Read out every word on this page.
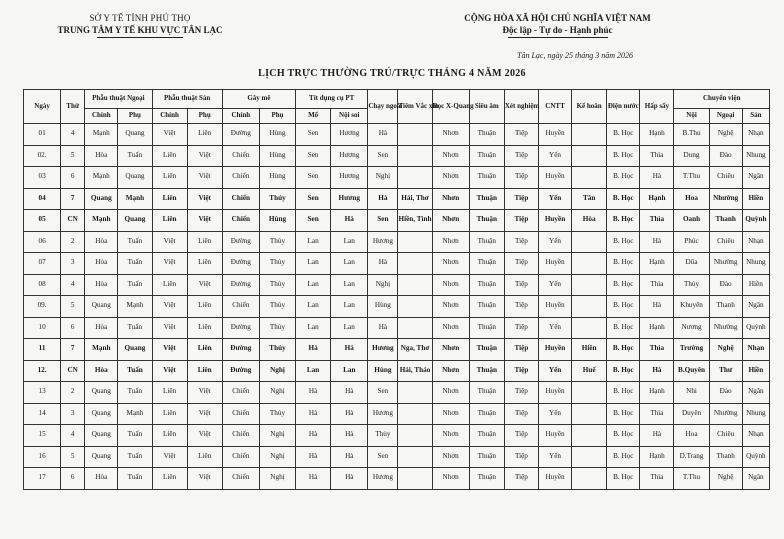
SỞ Y TẾ TỈNH PHÚ THỌ
TRUNG TÂM Y TẾ KHU VỰC TÂN LẠC
CỘNG HÒA XÃ HỘI CHỦ NGHĨA VIỆT NAM
Độc lập - Tự do - Hạnh phúc
Tân Lạc, ngày 25 tháng 3 năm 2026
LỊCH TRỰC THƯỜNG TRÚ/TRỰC THÁNG 4 NĂM 2026
Ngày	Thứ	Phẫu thuật Ngoại		Phẫu thuật Sản		Gây mê		Tít dụng cụ PT		Chạy ngoài	Tiêm Vắc xin	Đọc X-Quang	Siêu âm	Xét nghiệm	CNTT	Kế hoăn	Điện nước	Hấp sấy	Chuyển viện		
		Chính	Phụ	Chính	Phụ	Chính	Phụ	Mổ	Nội soi										Nội	Ngoại	Sản
01	4	Mạnh	Quang	Việt	Liên	Đường	Hùng	Sen	Hương	Hà		Nhơn	Thuận	Tiệp	Huyền		B. Học	Hạnh	B.Thu	Nghệ	Nhạn
02.	5	Hòa	Tuấn	Liên	Việt	Chiến	Hùng	Sen	Hương	Sen		Nhơn	Thuận	Tiệp	Yến		B. Học	Thìa	Dung	Đào	Nhung
03	6	Mạnh	Quang	Liên	Việt	Chiến	Hùng	Sen	Hương	Nghị		Nhơn	Thuận	Tiệp	Huyền		B. Học	Hà	T.Thu	Chiêu	Ngân
04	7	Quang	Mạnh	Liên	Việt	Chiến	Thủy	Sen	Hương	Hà	Hải, Thơ	Nhơn	Thuận	Tiệp	Yến	Tân	B. Học	Hạnh	Hoa	Nhường	Hiền
05	CN	Mạnh	Quang	Liên	Việt	Chiến	Hùng	Sen	Hà	Sen	Hiền, Tình	Nhơn	Thuận	Tiệp	Huyền	Hòa	B. Học	Thìa	Oanh	Thanh	Quỳnh
06	2	Hòa	Tuấn	Việt	Liên	Đường	Thủy	Lan	Lan	Hương		Nhơn	Thuận	Tiệp	Yến		B. Học	Hà	Phúc	Chiêu	Nhạn
07	3	Hòa	Tuấn	Việt	Liên	Đường	Thủy	Lan	Lan	Hà		Nhơn	Thuận	Tiệp	Huyền		B. Học	Hạnh	Dũa	Nhường	Nhung
08	4	Hòa	Tuấn	Liên	Việt	Đường	Thủy	Lan	Lan	Nghị		Nhơn	Thuận	Tiệp	Yến		B. Học	Thìa	Thủy	Đào	Hiền
09.	5	Quang	Mạnh	Việt	Liên	Chiến	Thủy	Lan	Lan	Hùng		Nhơn	Thuận	Tiệp	Huyền		B. Học	Hà	Khuyên	Thanh	Ngân
10	6	Hòa	Tuấn	Việt	Liên	Đường	Thủy	Lan	Lan	Hà		Nhơn	Thuận	Tiệp	Yến		B. Học	Hạnh	Nương	Nhường	Quỳnh
11	7	Mạnh	Quang	Việt	Liên	Đường	Thủy	Hà	Hà	Hương	Nga, Thơ	Nhơn	Thuận	Tiệp	Huyền	Hiền	B. Học	Thìa	Trường	Nghệ	Nhạn
12.	CN	Hòa	Tuấn	Việt	Liên	Đường	Nghị	Lan	Lan	Hùng	Hải, Thảo	Nhơn	Thuận	Tiệp	Yến	Huế	B. Học	Hà	B.Quyên	Thư	Hiền
13	2	Quang	Tuấn	Liên	Việt	Chiến	Nghị	Hà	Hà	Sen		Nhơn	Thuận	Tiệp	Huyền		B. Học	Hạnh	Nhi	Đào	Ngân
14	3	Quang	Mạnh	Liên	Việt	Chiến	Thủy	Hà	Hà	Hương		Nhơn	Thuận	Tiệp	Yến		B. Học	Thìa	Duyên	Nhường	Nhung
15	4	Quang	Tuấn	Liên	Việt	Chiến	Nghị	Hà	Hà	Thủy		Nhơn	Thuận	Tiệp	Huyền		B. Học	Hà	Hoa	Chiêu	Nhạn
16	5	Quang	Tuấn	Việt	Liên	Chiến	Nghị	Hà	Hà	Sen		Nhơn	Thuận	Tiệp	Yến		B. Học	Hạnh	D.Trang	Thanh	Quỳnh
17	6	Hòa	Tuấn	Liên	Việt	Chiến	Nghị	Hà	Hà	Hương		Nhơn	Thuận	Tiệp	Huyền		B. Học	Thìa	T.Thu	Nghệ	Ngân
